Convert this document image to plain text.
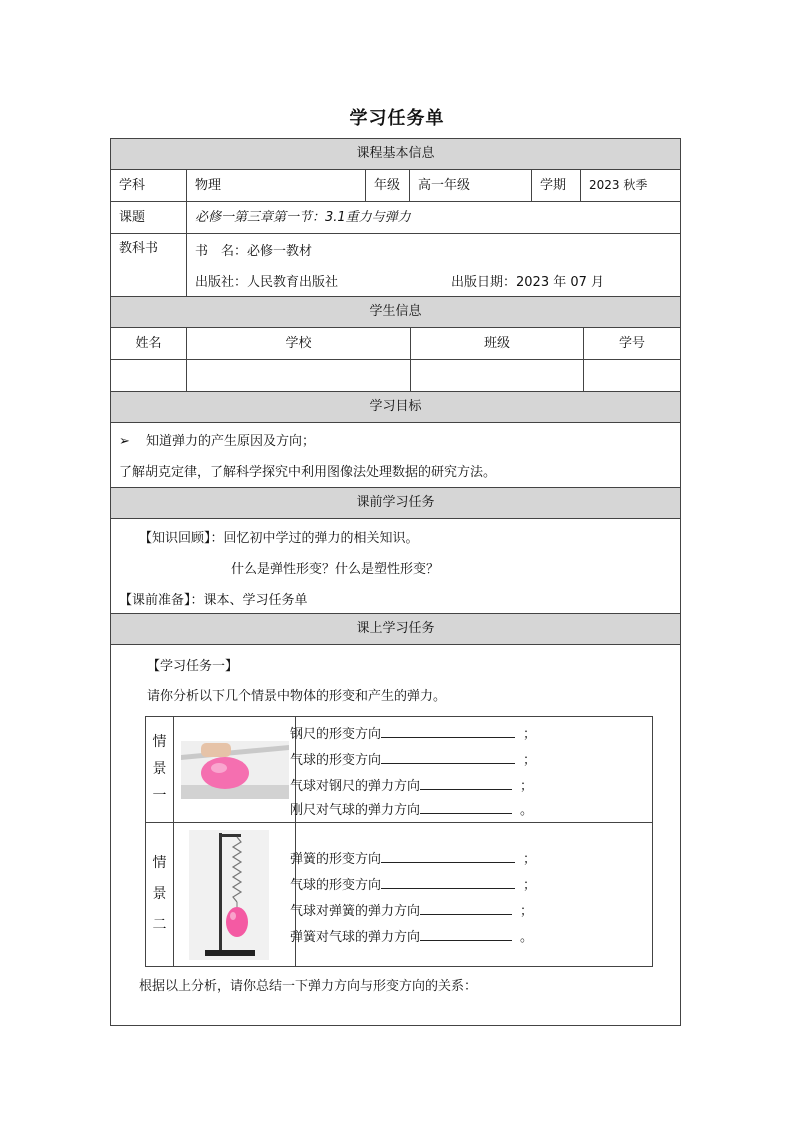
学习任务单
课程基本信息
学科	物理	年级	高一年级	学期	2023 秋季
课题	必修一第三章第一节：3.1重力与弹力
教科书	书　名：必修一教材
出版社：人民教育出版社	出版日期：2023 年 07 月
学生信息
姓名	学校	班级	学号
学习目标
➢ 知道弹力的产生原因及方向；
了解胡克定律，了解科学探究中利用图像法处理数据的研究方法。
课前学习任务
【知识回顾】：回忆初中学过的弹力的相关知识。
什么是弹性形变？什么是塑性形变？
【课前准备】：课本、学习任务单
课上学习任务
【学习任务一】
请你分析以下几个情景中物体的形变和产生的弹力。
情
景
一
钢尺的形变方向	；
气球的形变方向	；
气球对钢尺的弹力方向	；
刚尺对气球的弹力方向	。
情
景
二
弹簧的形变方向	；
气球的形变方向	；
气球对弹簧的弹力方向	；
弹簧对气球的弹力方向	。
根据以上分析，请你总结一下弹力方向与形变方向的关系：
